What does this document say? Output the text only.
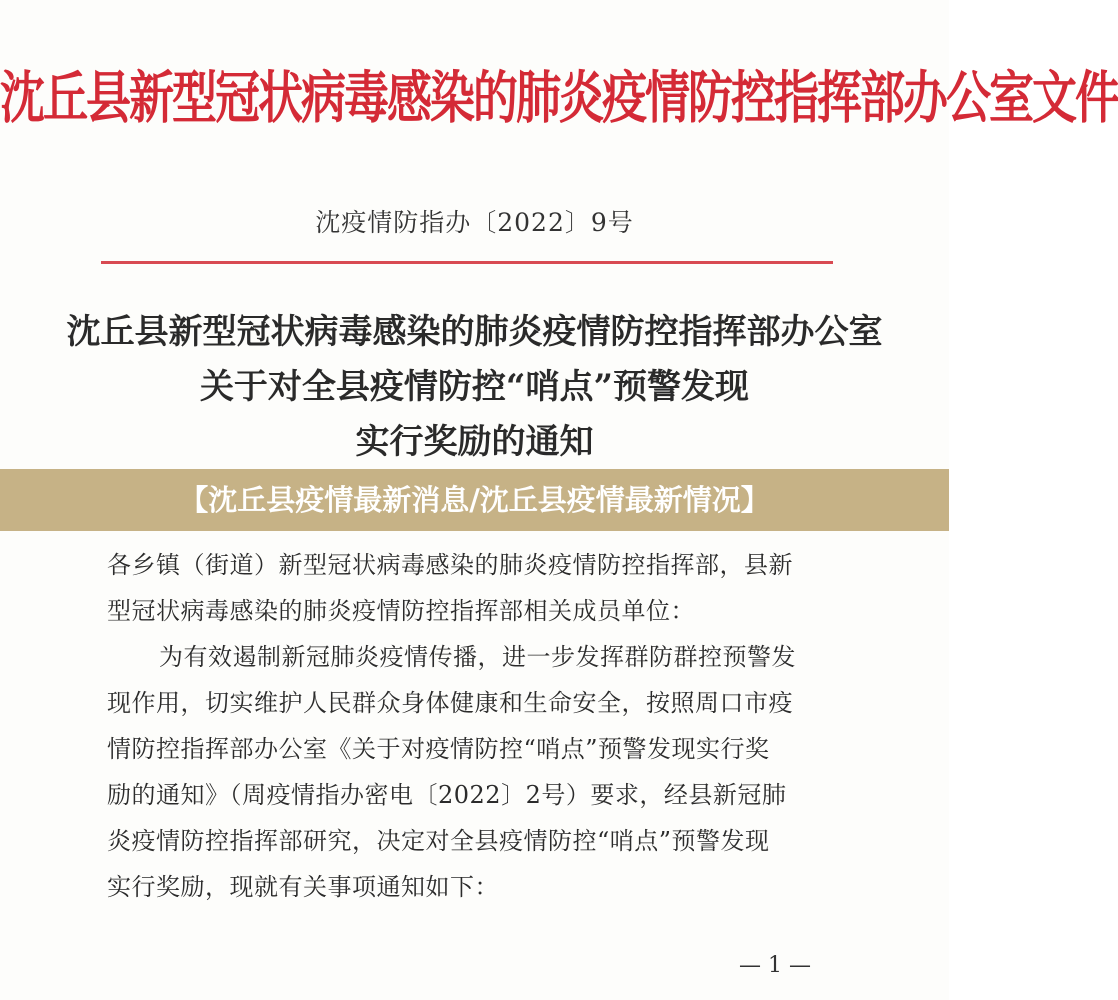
沈丘县新型冠状病毒感染的肺炎疫情防控指挥部办公室文件
沈疫情防指办〔2022〕9号
沈丘县新型冠状病毒感染的肺炎疫情防控指挥部办公室
关于对全县疫情防控“哨点”预警发现
实行奖励的通知
【沈丘县疫情最新消息/沈丘县疫情最新情况】
各乡镇（街道）新型冠状病毒感染的肺炎疫情防控指挥部，县新
型冠状病毒感染的肺炎疫情防控指挥部相关成员单位：
为有效遏制新冠肺炎疫情传播，进一步发挥群防群控预警发
现作用，切实维护人民群众身体健康和生命安全，按照周口市疫
情防控指挥部办公室《关于对疫情防控“哨点”预警发现实行奖
励的通知》（周疫情指办密电〔2022〕2号）要求，经县新冠肺
炎疫情防控指挥部研究，决定对全县疫情防控“哨点”预警发现
实行奖励，现就有关事项通知如下：
— 1 —
